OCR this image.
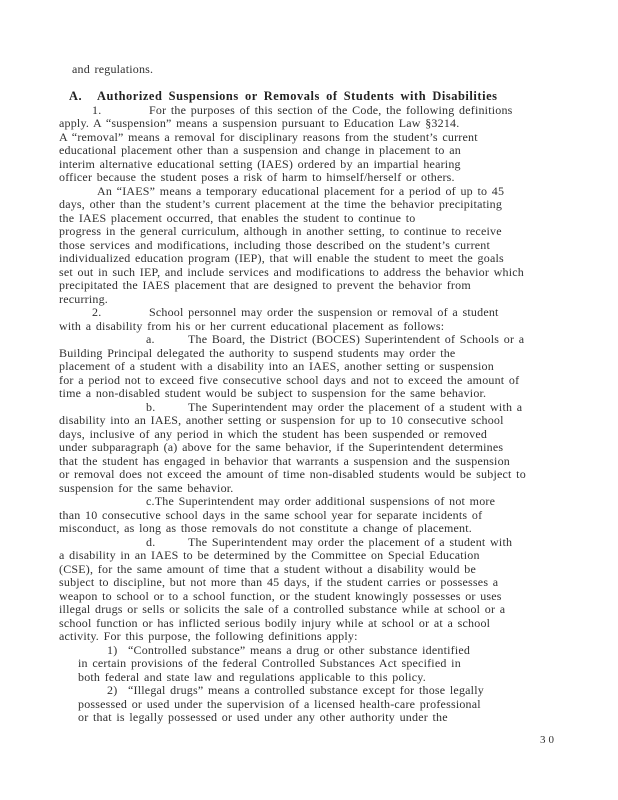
and regulations.
A. Authorized Suspensions or Removals of Students with Disabilities
1.	For the purposes of this section of the Code, the following definitions
apply. A “suspension” means a suspension pursuant to Education Law §3214.
A “removal” means a removal for disciplinary reasons from the student’s current
educational placement other than a suspension and change in placement to an
interim alternative educational setting (IAES) ordered by an impartial hearing
officer because the student poses a risk of harm to himself/herself or others.
An “IAES” means a temporary educational placement for a period of up to 45
days, other than the student’s current placement at the time the behavior precipitating
the IAES placement occurred, that enables the student to continue to
progress in the general curriculum, although in another setting, to continue to receive
those services and modifications, including those described on the student’s current
individualized education program (IEP), that will enable the student to meet the goals
set out in such IEP, and include services and modifications to address the behavior which
precipitated the IAES placement that are designed to prevent the behavior from
recurring.
2.	School personnel may order the suspension or removal of a student
with a disability from his or her current educational placement as follows:
a.	The Board, the District (BOCES) Superintendent of Schools or a
Building Principal delegated the authority to suspend students may order the
placement of a student with a disability into an IAES, another setting or suspension
for a period not to exceed five consecutive school days and not to exceed the amount of
time a non-disabled student would be subject to suspension for the same behavior.
b.	The Superintendent may order the placement of a student with a
disability into an IAES, another setting or suspension for up to 10 consecutive school
days, inclusive of any period in which the student has been suspended or removed
under subparagraph (a) above for the same behavior, if the Superintendent determines
that the student has engaged in behavior that warrants a suspension and the suspension
or removal does not exceed the amount of time non-disabled students would be subject to
suspension for the same behavior.
c.The Superintendent may order additional suspensions of not more
than 10 consecutive school days in the same school year for separate incidents of
misconduct, as long as those removals do not constitute a change of placement.
d.	The Superintendent may order the placement of a student with
a disability in an IAES to be determined by the Committee on Special Education
(CSE), for the same amount of time that a student without a disability would be
subject to discipline, but not more than 45 days, if the student carries or possesses a
weapon to school or to a school function, or the student knowingly possesses or uses
illegal drugs or sells or solicits the sale of a controlled substance while at school or a
school function or has inflicted serious bodily injury while at school or at a school
activity. For this purpose, the following definitions apply:
1) “Controlled substance” means a drug or other substance identified
in certain provisions of the federal Controlled Substances Act specified in
both federal and state law and regulations applicable to this policy.
2) “Illegal drugs” means a controlled substance except for those legally
possessed or used under the supervision of a licensed health-care professional
or that is legally possessed or used under any other authority under the
30
